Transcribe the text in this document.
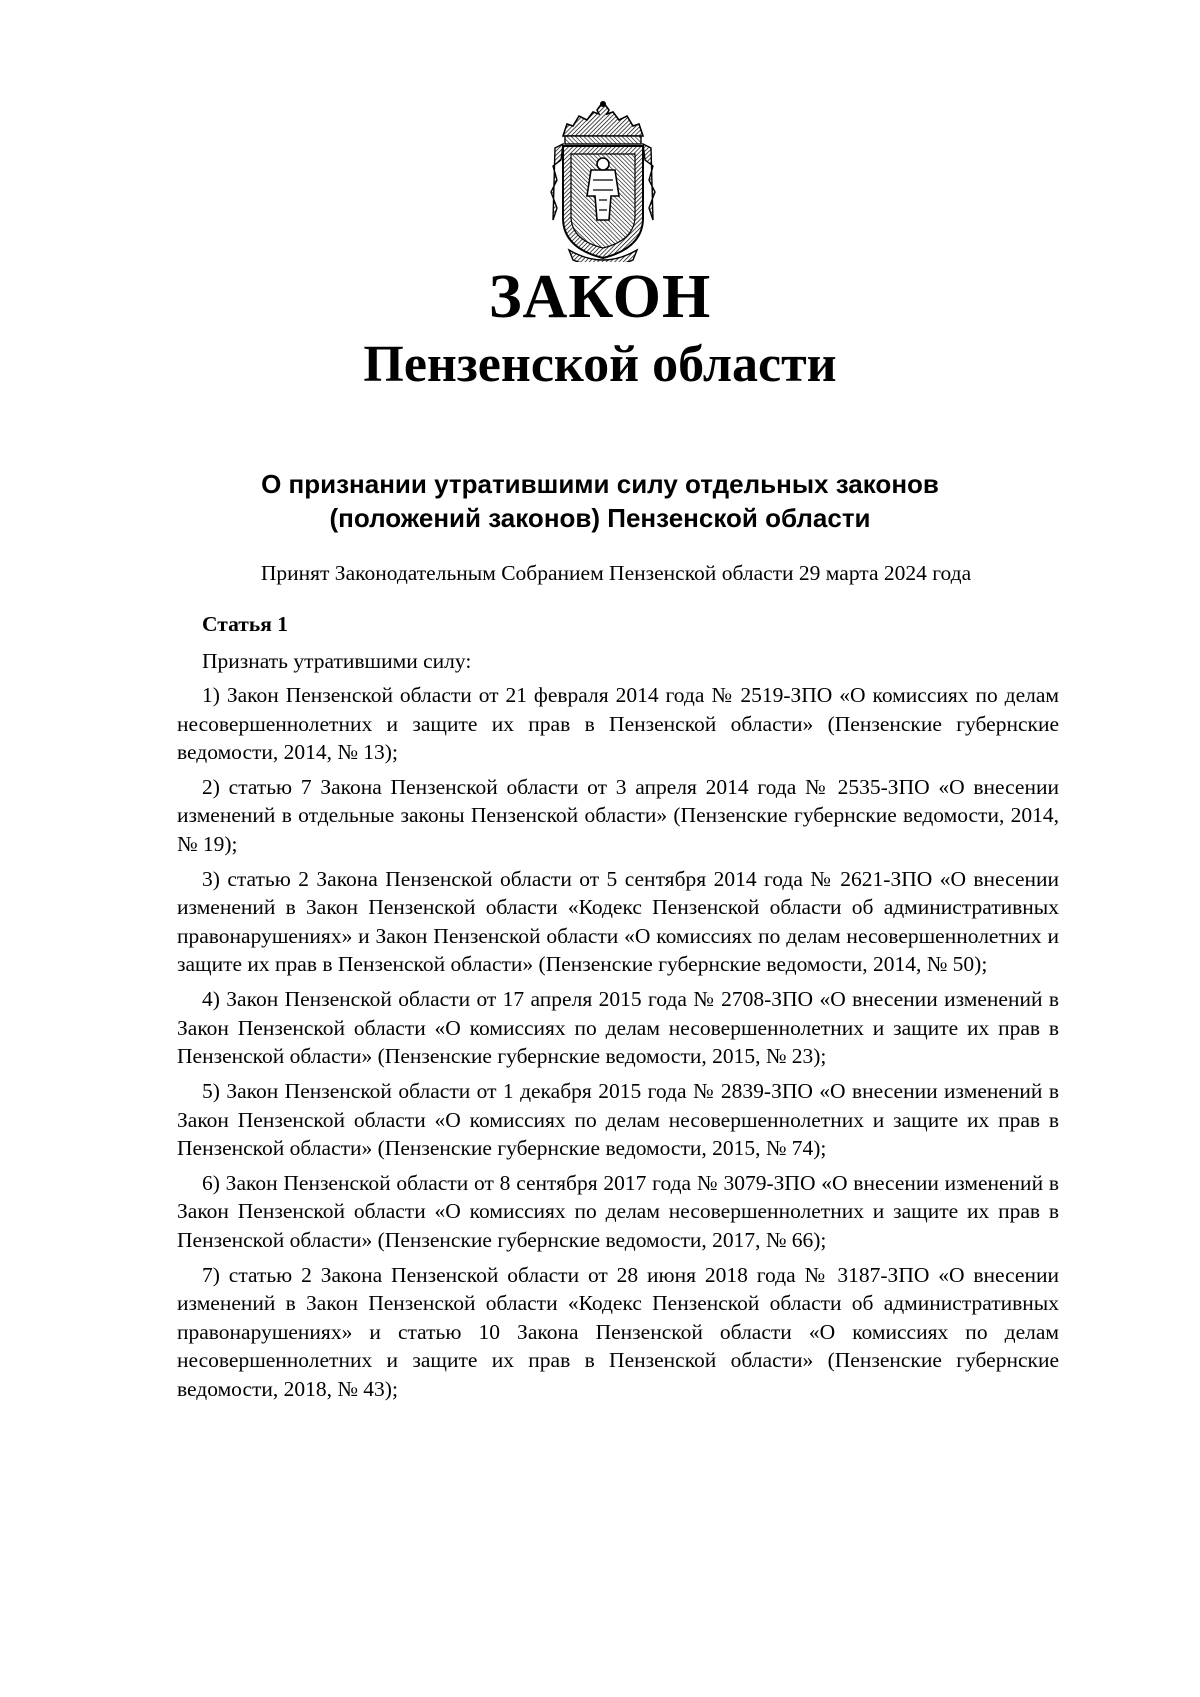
ЗАКОН
Пензенской области
О признании утратившими силу отдельных законов
(положений законов) Пензенской области
Принят Законодательным Собранием Пензенской области 29 марта 2024 года
Статья 1
Признать утратившими силу:
1) Закон Пензенской области от 21 февраля 2014 года № 2519-ЗПО «О комиссиях по делам несовершеннолетних и защите их прав в Пензенской области» (Пензенские губернские ведомости, 2014, № 13);
2) статью 7 Закона Пензенской области от 3 апреля 2014 года № 2535-ЗПО «О внесении изменений в отдельные законы Пензенской области» (Пензенские губернские ведомости, 2014, № 19);
3) статью 2 Закона Пензенской области от 5 сентября 2014 года № 2621-ЗПО «О внесении изменений в Закон Пензенской области «Кодекс Пензенской области об административных правонарушениях» и Закон Пензенской области «О комиссиях по делам несовершеннолетних и защите их прав в Пензенской области» (Пензенские губернские ведомости, 2014, № 50);
4) Закон Пензенской области от 17 апреля 2015 года № 2708-ЗПО «О внесении изменений в Закон Пензенской области «О комиссиях по делам несовершеннолетних и защите их прав в Пензенской области» (Пензенские губернские ведомости, 2015, № 23);
5) Закон Пензенской области от 1 декабря 2015 года № 2839-ЗПО «О внесении изменений в Закон Пензенской области «О комиссиях по делам несовершеннолетних и защите их прав в Пензенской области» (Пензенские губернские ведомости, 2015, № 74);
6) Закон Пензенской области от 8 сентября 2017 года № 3079-ЗПО «О внесении изменений в Закон Пензенской области «О комиссиях по делам несовершеннолетних и защите их прав в Пензенской области» (Пензенские губернские ведомости, 2017, № 66);
7) статью 2 Закона Пензенской области от 28 июня 2018 года № 3187-ЗПО «О внесении изменений в Закон Пензенской области «Кодекс Пензенской области об административных правонарушениях» и статью 10 Закона Пензенской области «О комиссиях по делам несовершеннолетних и защите их прав в Пензенской области» (Пензенские губернские ведомости, 2018, № 43);
